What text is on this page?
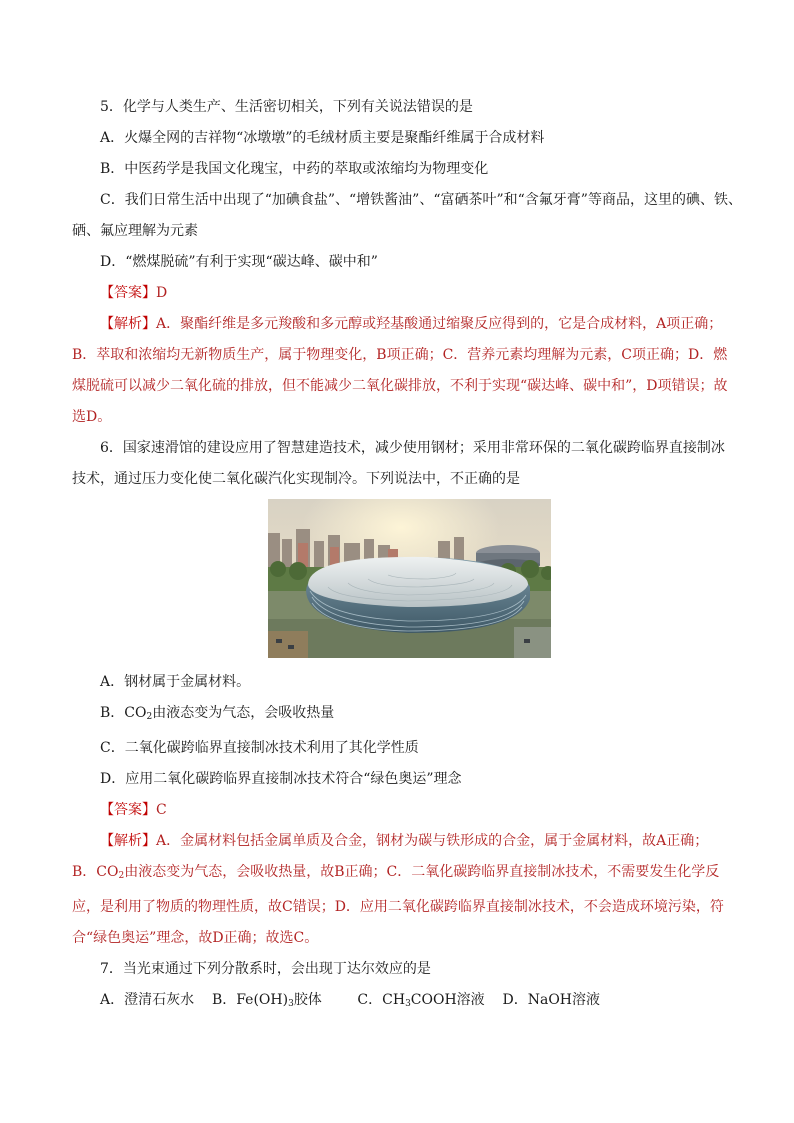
5．化学与人类生产、生活密切相关，下列有关说法错误的是
A．火爆全网的吉祥物“冰墩墩”的毛绒材质主要是聚酯纤维属于合成材料
B．中医药学是我国文化瑰宝，中药的萃取或浓缩均为物理变化
C．我们日常生活中出现了“加碘食盐”、“增铁酱油”、“富硒茶叶”和“含氟牙膏”等商品，这里的碘、铁、
硒、氟应理解为元素
D．“燃煤脱硫”有利于实现“碳达峰、碳中和”
【答案】D
【解析】A．聚酯纤维是多元羧酸和多元醇或羟基酸通过缩聚反应得到的，它是合成材料，A项正确；
B．萃取和浓缩均无新物质生产，属于物理变化，B项正确；C．营养元素均理解为元素，C项正确；D．燃
煤脱硫可以减少二氧化硫的排放，但不能减少二氧化碳排放，不利于实现“碳达峰、碳中和”，D项错误；故
选D。
6．国家速滑馆的建设应用了智慧建造技术，减少使用钢材；采用非常环保的二氧化碳跨临界直接制冰
技术，通过压力变化使二氧化碳汽化实现制冷。下列说法中，不正确的是
A．钢材属于金属材料。
B．$CO_2$由液态变为气态，会吸收热量
C．二氧化碳跨临界直接制冰技术利用了其化学性质
D．应用二氧化碳跨临界直接制冰技术符合“绿色奥运”理念
【答案】C
【解析】A．金属材料包括金属单质及合金，钢材为碳与铁形成的合金，属于金属材料，故A正确；
B．$CO_2$由液态变为气态，会吸收热量，故B正确；C．二氧化碳跨临界直接制冰技术，不需要发生化学反
应，是利用了物质的物理性质，故C错误；D．应用二氧化碳跨临界直接制冰技术，不会造成环境污染，符
合“绿色奥运”理念，故D正确；故选C。
7．当光束通过下列分散系时，会出现丁达尔效应的是
A．澄清石灰水 B．$Fe(OH)_3$胶体	C．$CH_3COOH$溶液 D．NaOH溶液
